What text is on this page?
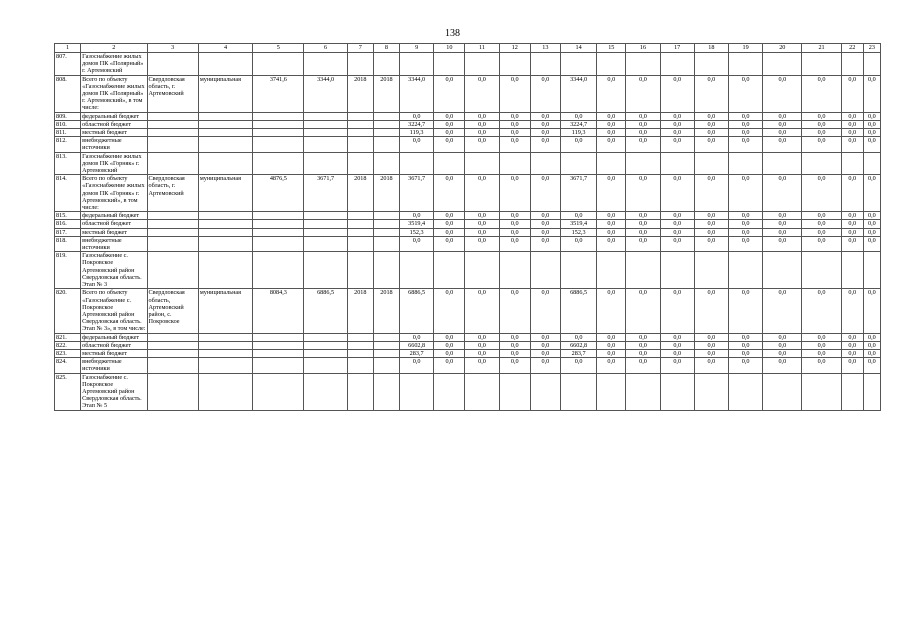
138
1	2	3	4	5	6	7	8	9	10	11	12	13	14	15	16	17	18	19	20	21	22	23
807.	Газоснабжение жилых домов ПК «Полярный» г. Артемовский																					
808.	Всего по объекту «Газоснабжение жилых домов ПК «Полярный» г. Артемовский», в том числе:	Свердловская область, г. Артемовский	муниципальная	3741,6	3344,0	2018	2018	3344,0	0,0	0,0	0,0	0,0	3344,0	0,0	0,0	0,0	0,0	0,0	0,0	0,0	0,0	0,0
809.	федеральный бюджет							0,0	0,0	0,0	0,0	0,0	0,0	0,0	0,0	0,0	0,0	0,0	0,0	0,0	0,0	0,0
810.	областной бюджет							3224,7	0,0	0,0	0,0	0,0	3224,7	0,0	0,0	0,0	0,0	0,0	0,0	0,0	0,0	0,0
811.	местный бюджет							119,3	0,0	0,0	0,0	0,0	119,3	0,0	0,0	0,0	0,0	0,0	0,0	0,0	0,0	0,0
812.	внебюджетные источники							0,0	0,0	0,0	0,0	0,0	0,0	0,0	0,0	0,0	0,0	0,0	0,0	0,0	0,0	0,0
813.	Газоснабжение жилых домов ПК «Горняк» г. Артемовский																					
814.	Всего по объекту «Газоснабжение жилых домов ПК «Горняк» г. Артемовский», в том числе:	Свердловская область, г. Артемовский	муниципальная	4876,5	3671,7	2018	2018	3671,7	0,0	0,0	0,0	0,0	3671,7	0,0	0,0	0,0	0,0	0,0	0,0	0,0	0,0	0,0
815.	федеральный бюджет							0,0	0,0	0,0	0,0	0,0	0,0	0,0	0,0	0,0	0,0	0,0	0,0	0,0	0,0	0,0
816.	областной бюджет							3519,4	0,0	0,0	0,0	0,0	3519,4	0,0	0,0	0,0	0,0	0,0	0,0	0,0	0,0	0,0
817.	местный бюджет							152,3	0,0	0,0	0,0	0,0	152,3	0,0	0,0	0,0	0,0	0,0	0,0	0,0	0,0	0,0
818.	внебюджетные источники							0,0	0,0	0,0	0,0	0,0	0,0	0,0	0,0	0,0	0,0	0,0	0,0	0,0	0,0	0,0
819.	Газоснабжение с. Покровское Артемовский район Свердловская область. Этап № 3																					
820.	Всего по объекту «Газоснабжение с. Покровское Артемовский район Свердловская область. Этап № 3», в том числе:	Свердловская область, Артемовский район, с. Покровское	муниципальная	8084,3	6886,5	2018	2018	6886,5	0,0	0,0	0,0	0,0	6886,5	0,0	0,0	0,0	0,0	0,0	0,0	0,0	0,0	0,0
821.	федеральный бюджет							0,0	0,0	0,0	0,0	0,0	0,0	0,0	0,0	0,0	0,0	0,0	0,0	0,0	0,0	0,0
822.	областной бюджет							6602,8	0,0	0,0	0,0	0,0	6602,8	0,0	0,0	0,0	0,0	0,0	0,0	0,0	0,0	0,0
823.	местный бюджет							283,7	0,0	0,0	0,0	0,0	283,7	0,0	0,0	0,0	0,0	0,0	0,0	0,0	0,0	0,0
824.	внебюджетные источники							0,0	0,0	0,0	0,0	0,0	0,0	0,0	0,0	0,0	0,0	0,0	0,0	0,0	0,0	0,0
825.	Газоснабжение с. Покровское Артемовский район Свердловская область. Этап № 5																					
